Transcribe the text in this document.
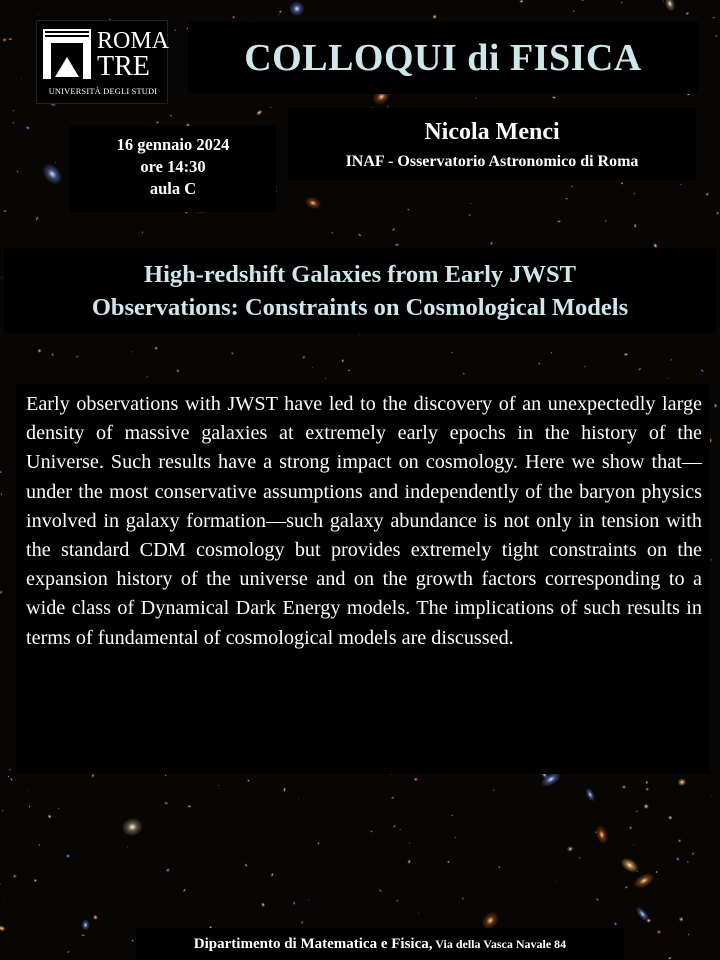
ROMA
TRE
UNIVERSITÀ DEGLI STUDI
COLLOQUI di FISICA
16 gennaio 2024
ore 14:30
aula C
Nicola Menci
INAF - Osservatorio Astronomico di Roma
High-redshift Galaxies from Early JWST
Observations: Constraints on Cosmological Models

Early observations with JWST have led to the discovery of an unexpectedly large density of massive galaxies at extremely early epochs in the history of the Universe. Such results have a strong impact on cosmology. Here we show that—under the most conservative assumptions and independently of the baryon physics involved in galaxy formation—such galaxy abundance is not only in tension with the standard CDM cosmology but provides extremely tight constraints on the expansion history of the universe and on the growth factors corresponding to a wide class of Dynamical Dark Energy models. The implications of such results in terms of fundamental of cosmological models are discussed.

Dipartimento di Matematica e Fisica, Via della Vasca Navale 84
